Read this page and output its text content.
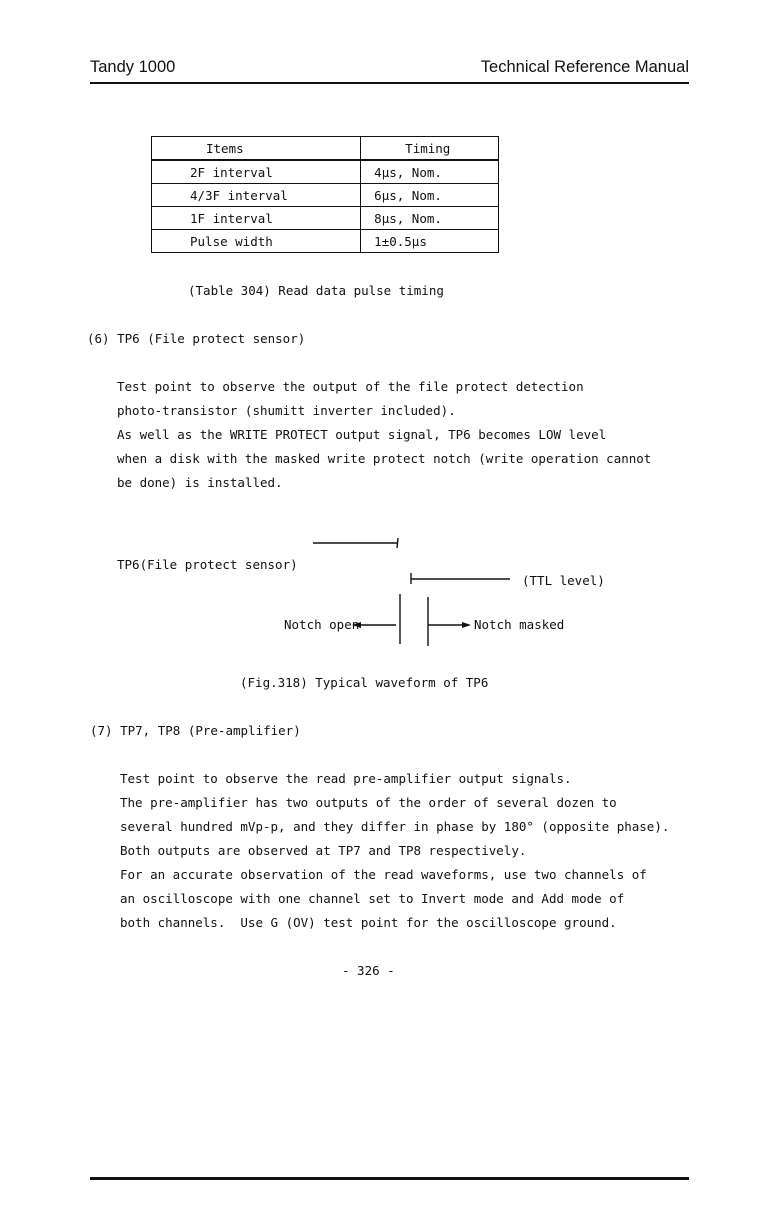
Tandy 1000	Technical Reference Manual
Items	Timing
2F interval	4μs, Nom.
4/3F interval	6μs, Nom.
1F interval	8μs, Nom.
Pulse width	1±0.5μs
(Table 304) Read data pulse timing
(6) TP6 (File protect sensor)
Test point to observe the output of the file protect detection
photo-transistor (shumitt inverter included).
As well as the WRITE PROTECT output signal, TP6 becomes LOW level
when a disk with the masked write protect notch (write operation cannot
be done) is installed.
TP6(File protect sensor)
(TTL level)
Notch open	Notch masked
(Fig.318) Typical waveform of TP6
(7) TP7, TP8 (Pre-amplifier)
Test point to observe the read pre-amplifier output signals.
The pre-amplifier has two outputs of the order of several dozen to
several hundred mVp-p, and they differ in phase by 180° (opposite phase).
Both outputs are observed at TP7 and TP8 respectively.
For an accurate observation of the read waveforms, use two channels of
an oscilloscope with one channel set to Invert mode and Add mode of
both channels.  Use G (OV) test point for the oscilloscope ground.
- 326 -
